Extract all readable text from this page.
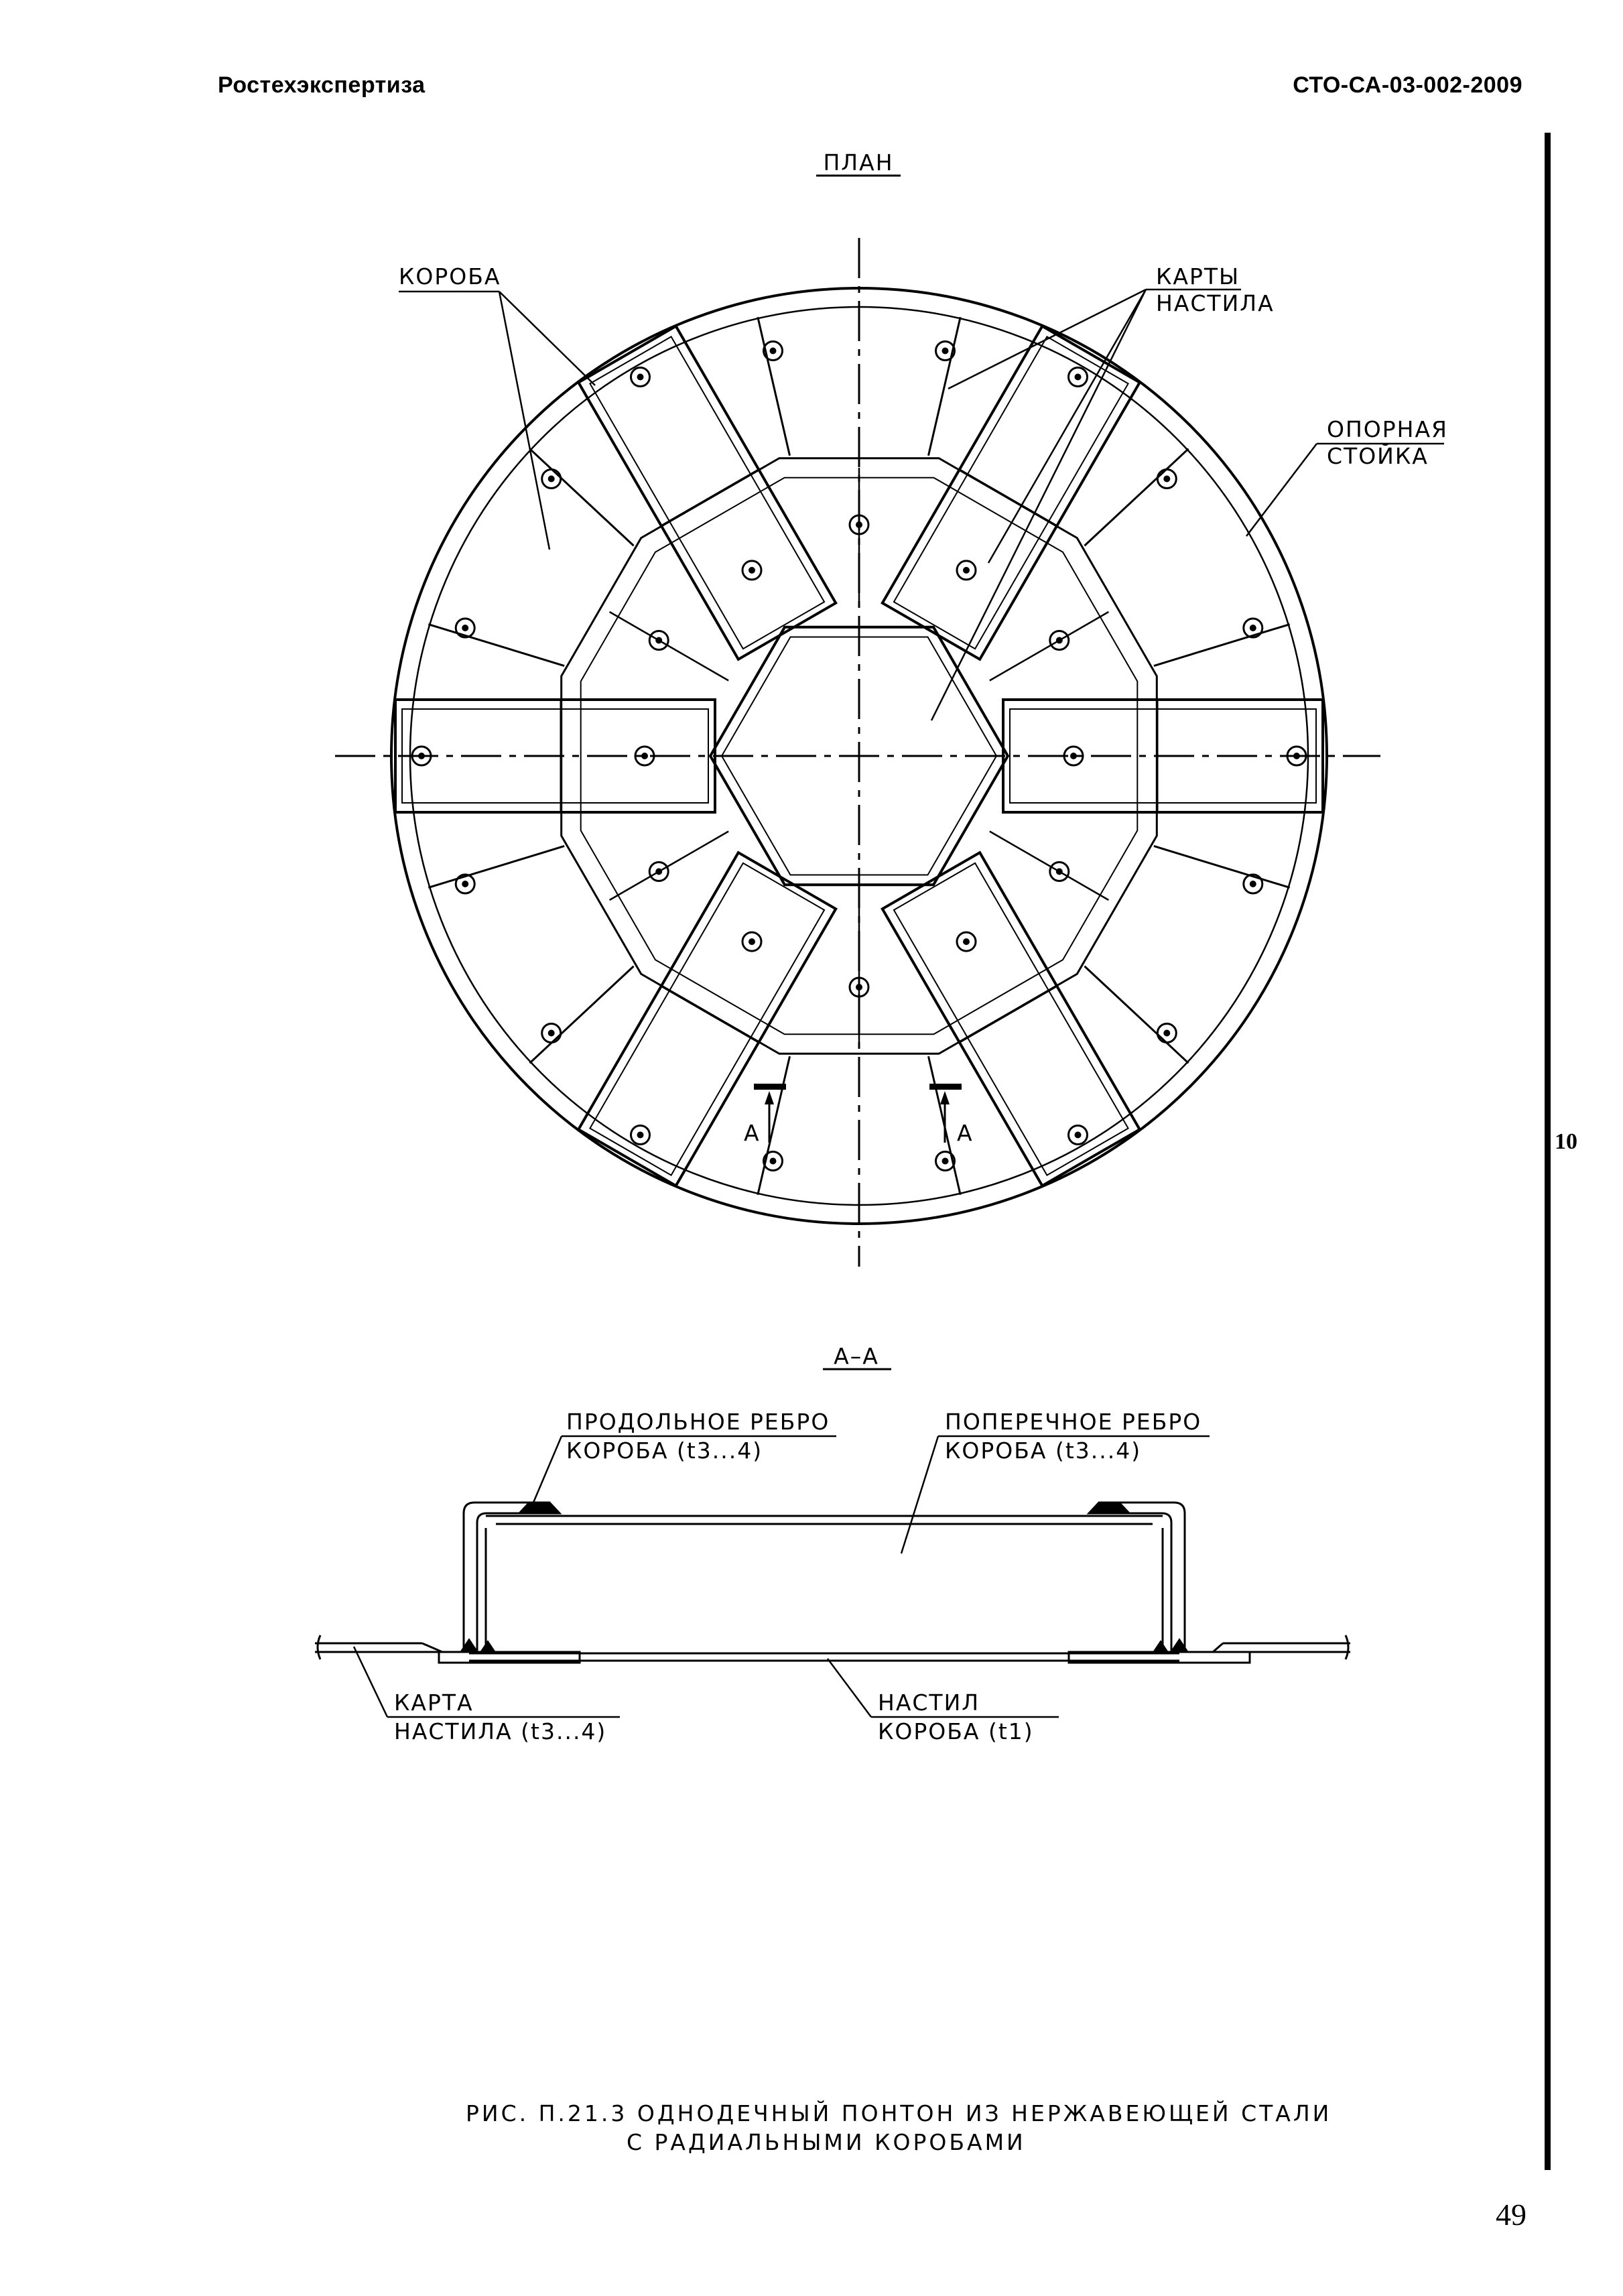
Ростехэкспертиза	СТО-СА-03-002-2009
10
49
ПЛАН
КОРОБА	КАРТЫ
НАСТИЛА
ОПОРНАЯ
СТОЙКА
А	А
А–А
ПРОДОЛЬНОЕ РЕБРО
КОРОБА (t3...4)
ПОПЕРЕЧНОЕ РЕБРО
КОРОБА (t3...4)
КАРТА
НАСТИЛА (t3...4)
НАСТИЛ
КОРОБА (t1)
РИС. П.21.3 ОДНОДЕЧНЫЙ ПОНТОН ИЗ НЕРЖАВЕЮЩЕЙ СТАЛИ
С РАДИАЛЬНЫМИ КОРОБАМИ
